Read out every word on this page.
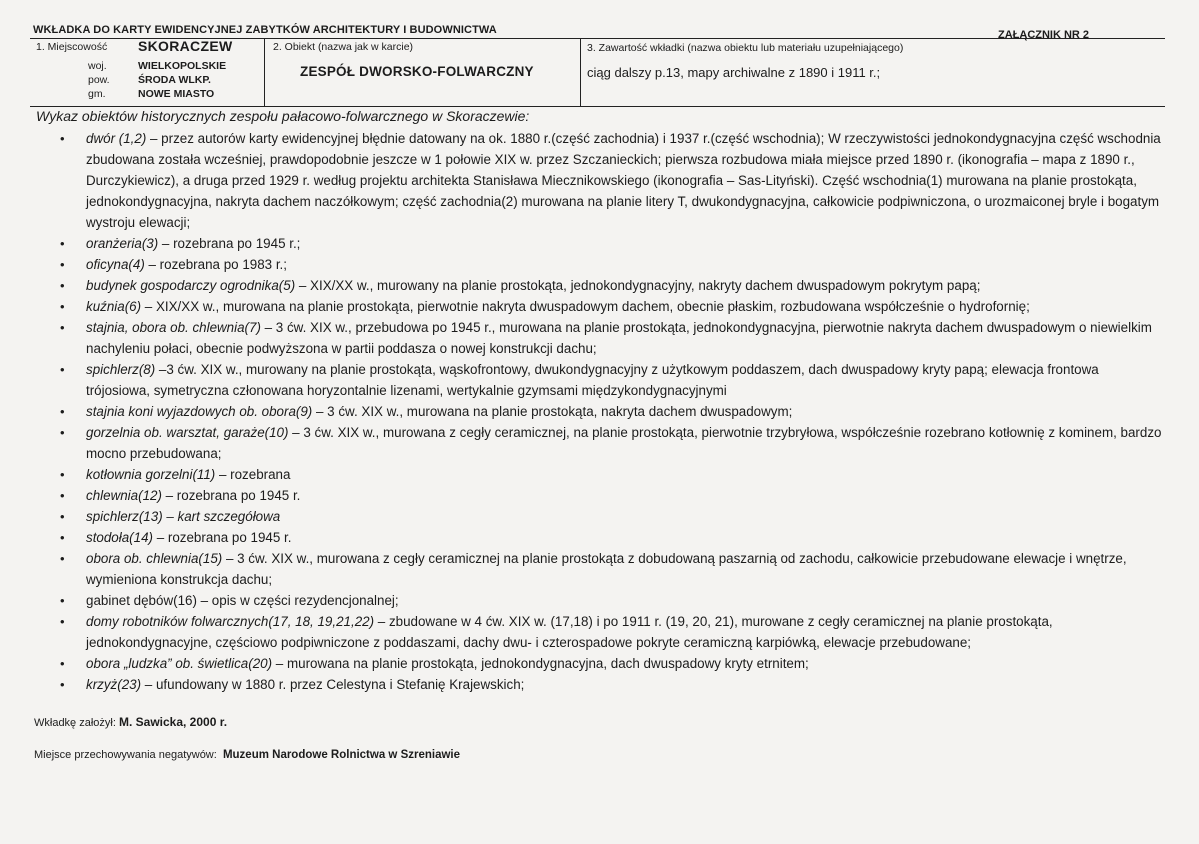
WKŁADKA DO KARTY EWIDENCYJNEJ ZABYTKÓW ARCHITEKTURY I BUDOWNICTWA	ZAŁĄCZNIK NR 2
1. Miejscowość SKORACZEW
woj.	WIELKOPOLSKIE
pow.	ŚRODA WLKP.
gm.	NOWE MIASTO
2. Obiekt (nazwa jak w karcie)
ZESPÓŁ DWORSKO-FOLWARCZNY
3. Zawartość wkładki (nazwa obiektu lub materiału uzupełniającego)
ciąg dalszy p.13, mapy archiwalne z 1890 i 1911 r.;
Wykaz obiektów historycznych zespołu pałacowo-folwarcznego w Skoraczewie:
• dwór (1,2) – przez autorów karty ewidencyjnej błędnie datowany na ok. 1880 r.(część zachodnia) i 1937 r.(część wschodnia); W rzeczywistości jednokondygnacyjna część wschodnia zbudowana została wcześniej, prawdopodobnie jeszcze w 1 połowie XIX w. przez Szczanieckich; pierwsza rozbudowa miała miejsce przed 1890 r. (ikonografia – mapa z 1890 r., Durczykiewicz), a druga przed 1929 r. według projektu architekta Stanisława Miecznikowskiego (ikonografia – Sas-Lityński). Część wschodnia(1) murowana na planie prostokąta, jednokondygnacyjna, nakryta dachem naczółkowym; część zachodnia(2) murowana na planie litery T, dwukondygnacyjna, całkowicie podpiwniczona, o urozmaiconej bryle i bogatym wystroju elewacji;
• oranżeria(3) – rozebrana po 1945 r.;
• oficyna(4) – rozebrana po 1983 r.;
• budynek gospodarczy ogrodnika(5) – XIX/XX w., murowany na planie prostokąta, jednokondygnacyjny, nakryty dachem dwuspadowym pokrytym papą;
• kuźnia(6) – XIX/XX w., murowana na planie prostokąta, pierwotnie nakryta dwuspadowym dachem, obecnie płaskim, rozbudowana współcześnie o hydrofornię;
• stajnia, obora ob. chlewnia(7) – 3 ćw. XIX w., przebudowa po 1945 r., murowana na planie prostokąta, jednokondygnacyjna, pierwotnie nakryta dachem dwuspadowym o niewielkim nachyleniu połaci, obecnie podwyższona w partii poddasza o nowej konstrukcji dachu;
• spichlerz(8) –3 ćw. XIX w., murowany na planie prostokąta, wąskofrontowy, dwukondygnacyjny z użytkowym poddaszem, dach dwuspadowy kryty papą; elewacja frontowa trójosiowa, symetryczna członowana horyzontalnie lizenami, wertykalnie gzymsami międzykondygnacyjnymi
• stajnia koni wyjazdowych ob. obora(9) – 3 ćw. XIX w., murowana na planie prostokąta, nakryta dachem dwuspadowym;
• gorzelnia ob. warsztat, garaże(10) – 3 ćw. XIX w., murowana z cegły ceramicznej, na planie prostokąta, pierwotnie trzybryłowa, współcześnie rozebrano kotłownię z kominem, bardzo mocno przebudowana;
• kotłownia gorzelni(11) – rozebrana
• chlewnia(12) – rozebrana po 1945 r.
• spichlerz(13) – kart szczegółowa
• stodoła(14) – rozebrana po 1945 r.
• obora ob. chlewnia(15) – 3 ćw. XIX w., murowana z cegły ceramicznej na planie prostokąta z dobudowaną paszarnią od zachodu, całkowicie przebudowane elewacje i wnętrze, wymieniona konstrukcja dachu;
• gabinet dębów(16) – opis w części rezydencjonalnej;
• domy robotników folwarcznych(17, 18, 19,21,22) – zbudowane w 4 ćw. XIX w. (17,18) i po 1911 r. (19, 20, 21), murowane z cegły ceramicznej na planie prostokąta, jednokondygnacyjne, częściowo podpiwniczone z poddaszami, dachy dwu- i czterospadowe pokryte ceramiczną karpiówką, elewacje przebudowane;
• obora „ludzka” ob. świetlica(20) – murowana na planie prostokąta, jednokondygnacyjna, dach dwuspadowy kryty etrnitem;
• krzyż(23) – ufundowany w 1880 r. przez Celestyna i Stefanię Krajewskich;
Wkładkę założył: M. Sawicka, 2000 r.
Miejsce przechowywania negatywów: Muzeum Narodowe Rolnictwa w Szreniawie
